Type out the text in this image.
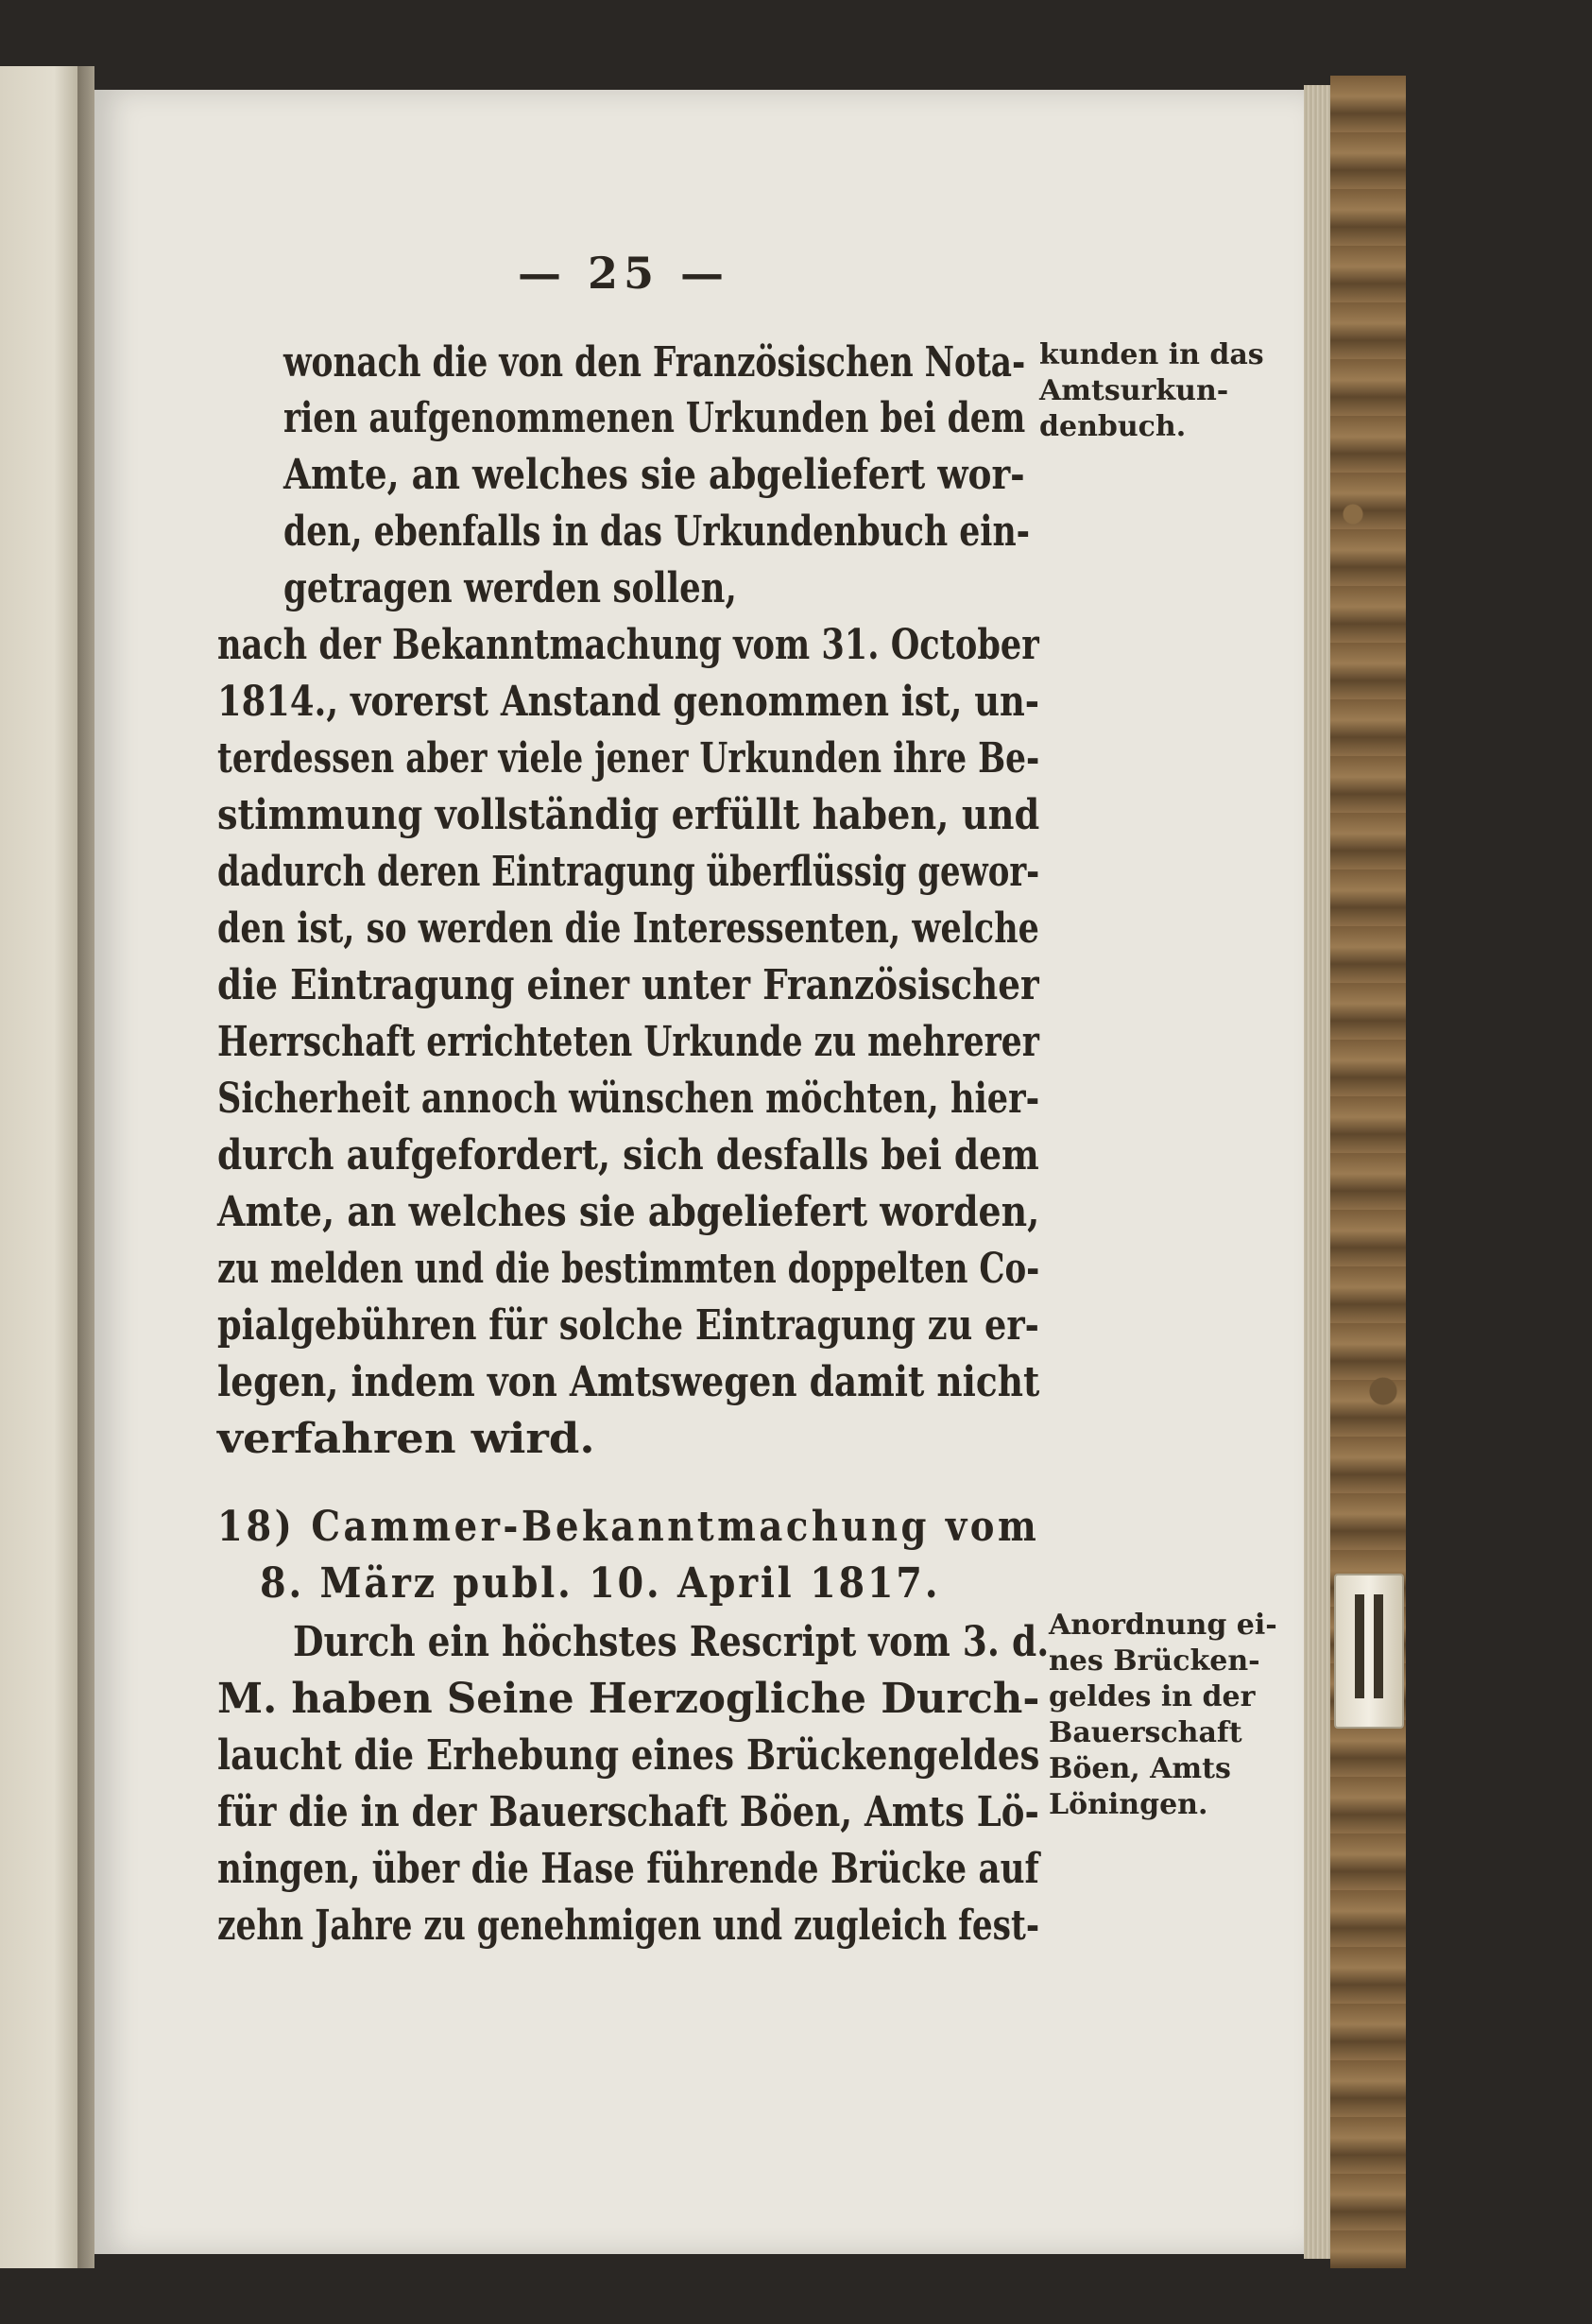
— 25 —
wonach die von den Französischen Nota-
rien aufgenommenen Urkunden bei dem
Amte, an welches sie abgeliefert wor-
den, ebenfalls in das Urkundenbuch ein-
getragen werden sollen,
nach der Bekanntmachung vom 31. October
1814., vorerst Anstand genommen ist, un-
terdessen aber viele jener Urkunden ihre Be-
stimmung vollständig erfüllt haben, und
dadurch deren Eintragung überflüssig gewor-
den ist, so werden die Interessenten, welche
die Eintragung einer unter Französischer
Herrschaft errichteten Urkunde zu mehrerer
Sicherheit annoch wünschen möchten, hier-
durch aufgefordert, sich desfalls bei dem
Amte, an welches sie abgeliefert worden,
zu melden und die bestimmten doppelten Co-
pialgebühren für solche Eintragung zu er-
legen, indem von Amtswegen damit nicht
verfahren wird.
18) Cammer-Bekanntmachung vom
8. März publ. 10. April 1817.
Durch ein höchstes Rescript vom 3. d.
M. haben Seine Herzogliche Durch-
laucht die Erhebung eines Brückengeldes
für die in der Bauerschaft Böen, Amts Lö-
ningen, über die Hase führende Brücke auf
zehn Jahre zu genehmigen und zugleich fest-
kunden in das
Amtsurkun-
denbuch.
Anordnung ei-
nes Brücken-
geldes in der
Bauerschaft
Böen, Amts
Löningen.
